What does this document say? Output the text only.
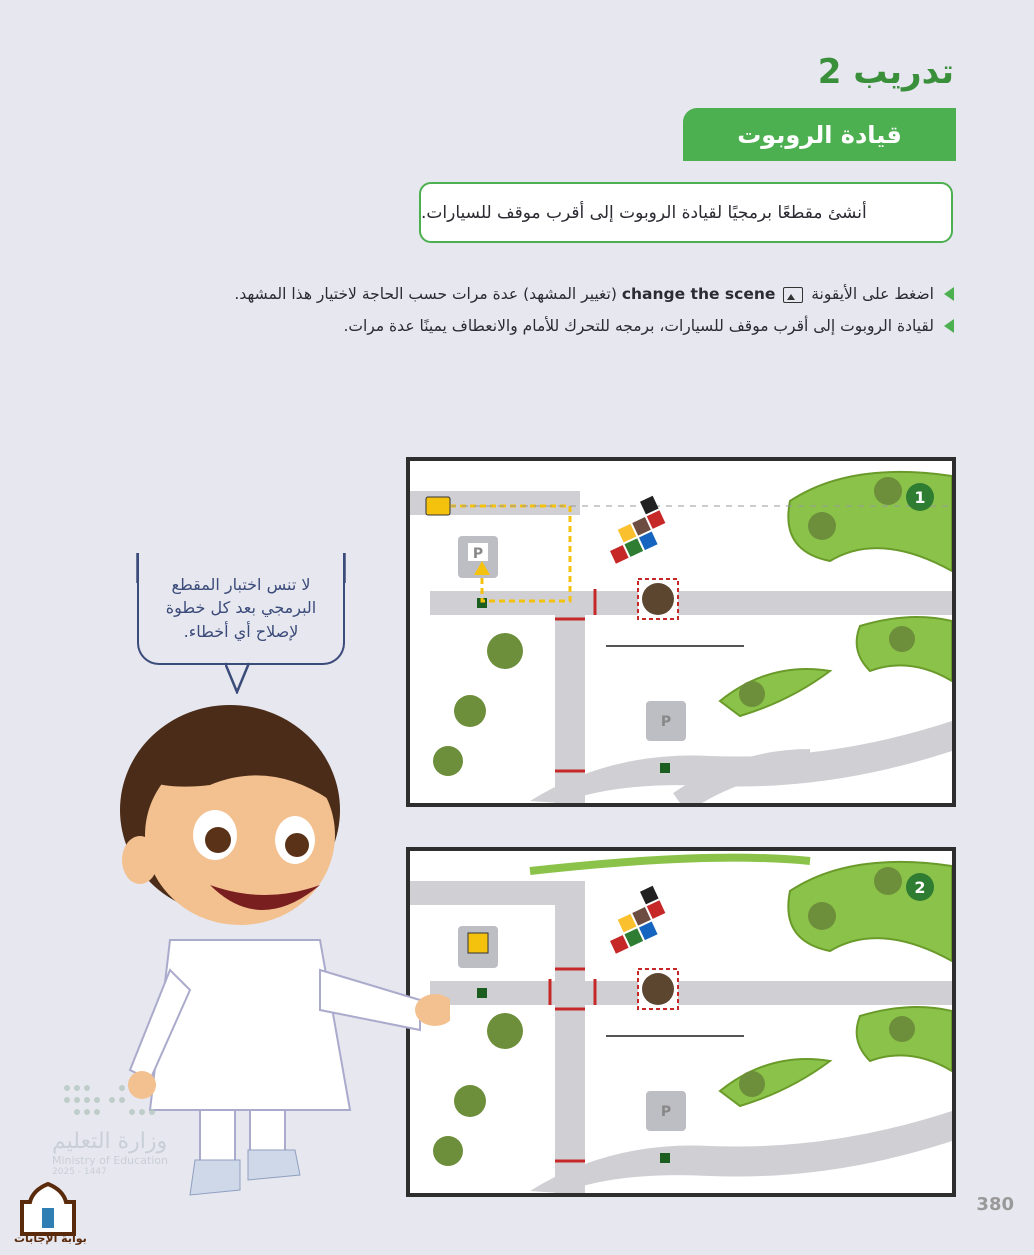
تدريب 2
قيادة الروبوت
أنشئ مقطعًا برمجيًا لقيادة الروبوت إلى أقرب موقف للسيارات.
اضغط على الأيقونة  change the scene (تغيير المشهد) عدة مرات حسب الحاجة لاختيار هذا المشهد.
لقيادة الروبوت إلى أقرب موقف للسيارات، برمجه للتحرك للأمام والانعطاف يمينًا عدة مرات.
لا تنس اختبار المقطع
البرمجي بعد كل خطوة
لإصلاح أي أخطاء.
P
P
1
P
2
وزارة التعليم
Ministry of Education
2025 - 1447
بوابة الإجابات
380
